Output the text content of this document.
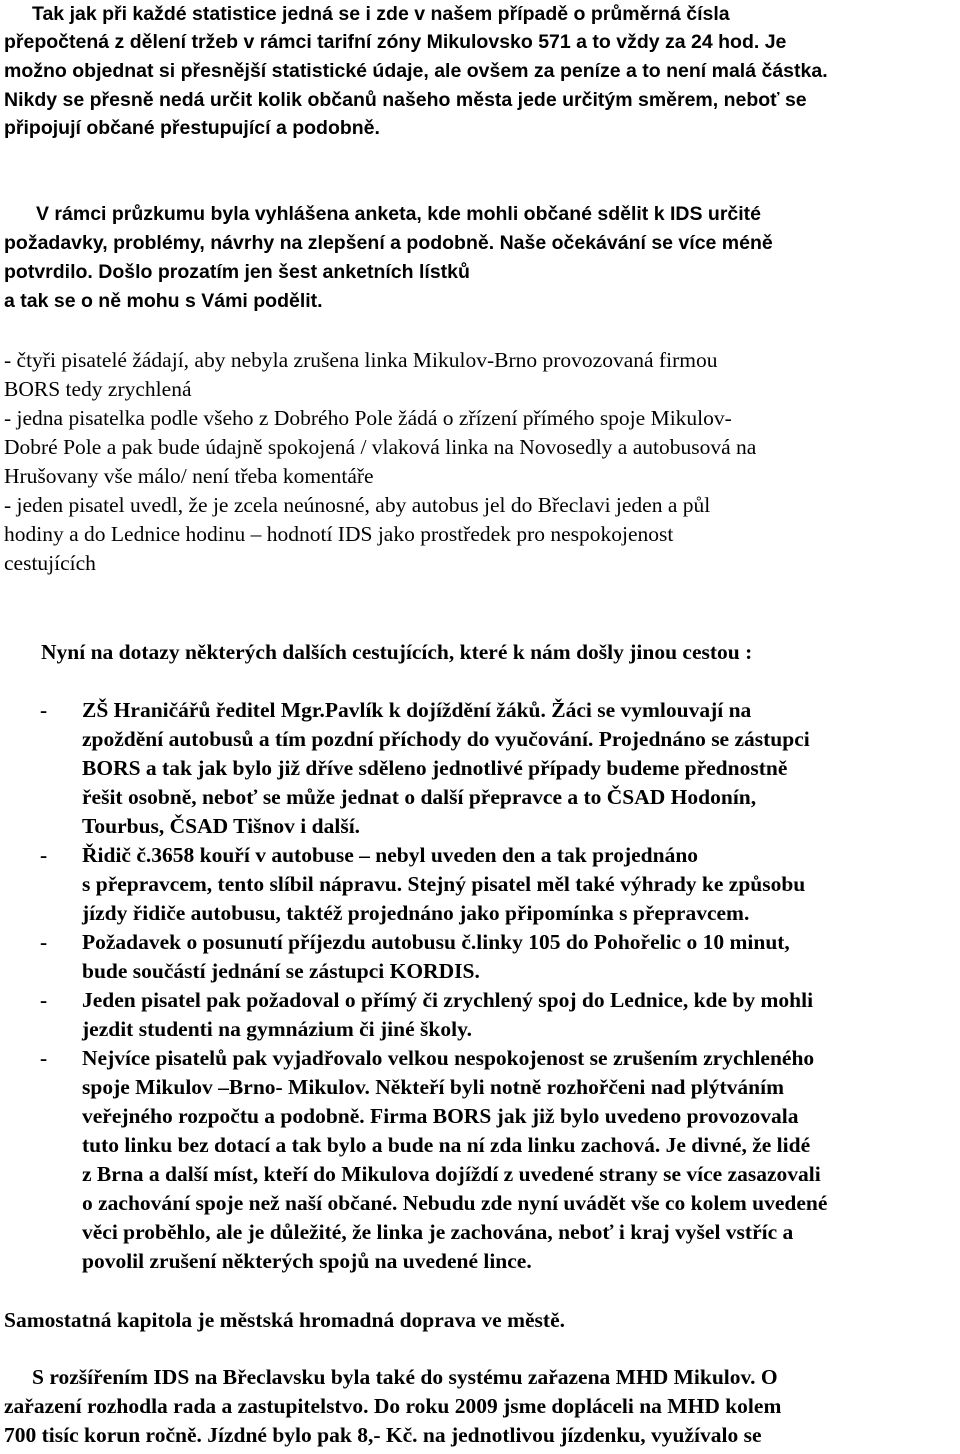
Tak jak při každé statistice jedná se i zde v našem případě o průměrná čísla
přepočtená z dělení tržeb v rámci tarifní zóny Mikulovsko 571 a to vždy za 24 hod. Je
možno objednat si přesnější statistické údaje, ale ovšem za peníze a to není malá částka.
Nikdy se přesně nedá určit kolik občanů našeho města jede určitým směrem, neboť se
připojují občané přestupující a podobně.
V rámci průzkumu byla vyhlášena anketa, kde mohli občané sdělit k IDS určité
požadavky, problémy, návrhy na zlepšení a podobně. Naše očekávání se více méně
potvrdilo. Došlo prozatím jen šest anketních lístků
a tak se o ně mohu s Vámi podělit.
- čtyři pisatelé žádají, aby nebyla zrušena linka Mikulov-Brno provozovaná firmou
BORS tedy zrychlená
- jedna pisatelka podle všeho z Dobrého Pole žádá o zřízení přímého spoje Mikulov-
Dobré Pole a pak bude údajně spokojená / vlaková linka na Novosedly a autobusová na
Hrušovany vše málo/ není třeba komentáře
- jeden pisatel uvedl, že je zcela neúnosné, aby autobus jel do Břeclavi jeden a půl
hodiny a do Lednice hodinu – hodnotí IDS jako prostředek pro nespokojenost
cestujících
Nyní na dotazy některých dalších cestujících, které k nám došly jinou cestou :
- ZŠ Hraničářů ředitel Mgr.Pavlík k dojíždění žáků. Žáci se vymlouvají na
zpoždění autobusů a tím pozdní příchody do vyučování. Projednáno se zástupci
BORS a tak jak bylo již dříve sděleno jednotlivé případy budeme přednostně
řešit osobně, neboť se může jednat o další přepravce a to ČSAD Hodonín,
Tourbus, ČSAD Tišnov i další.
- Řidič č.3658 kouří v autobuse – nebyl uveden den a tak projednáno
s přepravcem, tento slíbil nápravu. Stejný pisatel měl také výhrady ke způsobu
jízdy řidiče autobusu, taktéž projednáno jako připomínka s přepravcem.
- Požadavek o posunutí příjezdu autobusu č.linky 105 do Pohořelic o 10 minut,
bude součástí jednání se zástupci KORDIS.
- Jeden pisatel pak požadoval o přímý či zrychlený spoj do Lednice, kde by mohli
jezdit studenti na gymnázium či jiné školy.
- Nejvíce pisatelů pak vyjadřovalo velkou nespokojenost se zrušením zrychleného
spoje Mikulov –Brno- Mikulov. Někteří byli notně rozhořčeni nad plýtváním
veřejného rozpočtu a podobně. Firma BORS jak již bylo uvedeno provozovala
tuto linku bez dotací a tak bylo a bude na ní zda linku zachová. Je divné, že lidé
z Brna a další míst, kteří do Mikulova dojíždí z uvedené strany se více zasazovali
o zachování spoje než naší občané. Nebudu zde nyní uvádět vše co kolem uvedené
věci proběhlo, ale je důležité, že linka je zachována, neboť i kraj vyšel vstříc a
povolil zrušení některých spojů na uvedené lince.
Samostatná kapitola je městská hromadná doprava ve městě.
S rozšířením IDS na Břeclavsku byla také do systému zařazena MHD Mikulov. O
zařazení rozhodla rada a zastupitelstvo. Do roku 2009 jsme dopláceli na MHD kolem
700 tisíc korun ročně. Jízdné bylo pak 8,- Kč. na jednotlivou jízdenku, využívalo se
